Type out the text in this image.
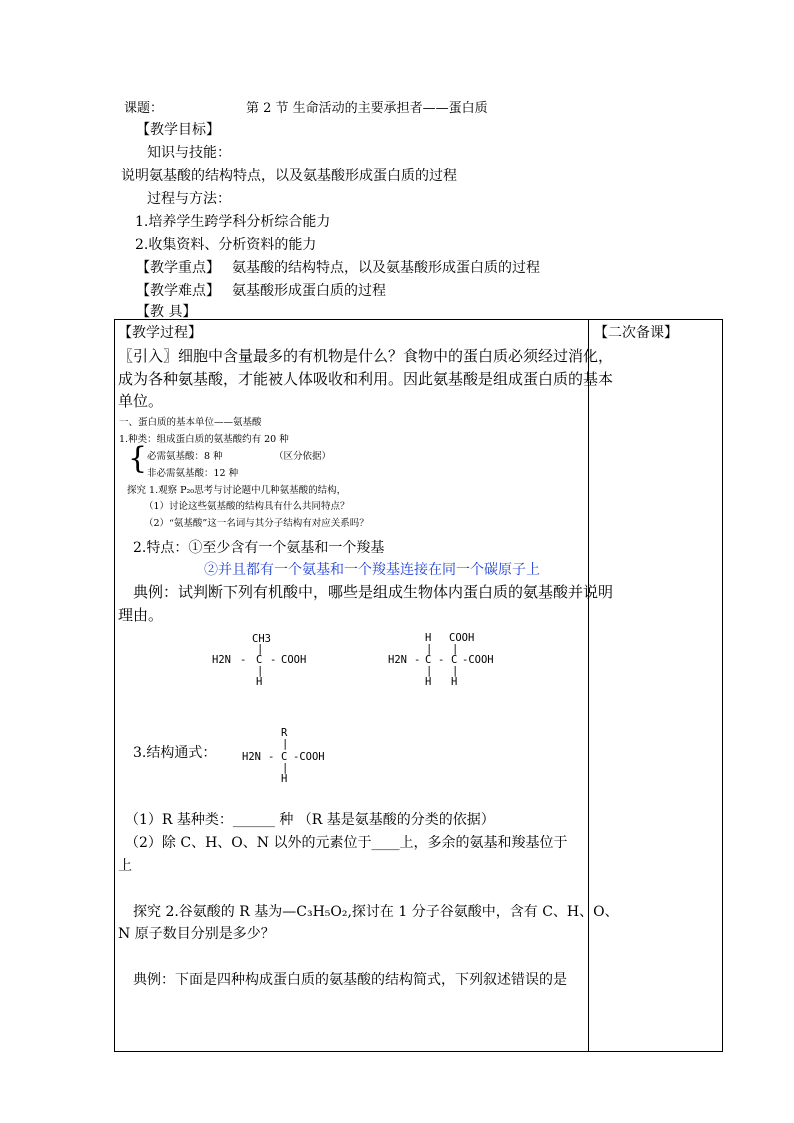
课题：	第 2 节 生命活动的主要承担者——蛋白质
【教学目标】
知识与技能：
说明氨基酸的结构特点，以及氨基酸形成蛋白质的过程
过程与方法：
1.培养学生跨学科分析综合能力
2.收集资料、分析资料的能力
【教学重点】 氨基酸的结构特点，以及氨基酸形成蛋白质的过程
【教学难点】 氨基酸形成蛋白质的过程
【教 具】
【教学过程】	【二次备课】
〖引入〗细胞中含量最多的有机物是什么？食物中的蛋白质必须经过消化，
成为各种氨基酸，才能被人体吸收和利用。因此氨基酸是组成蛋白质的基本
单位。
一、蛋白质的基本单位——氨基酸
1.种类：组成蛋白质的氨基酸约有 20 种
{ 必需氨基酸：8 种	（区分依据）
非必需氨基酸：12 种
探究 1.观察 P₂₀思考与讨论题中几种氨基酸的结构，
（1）讨论这些氨基酸的结构具有什么共同特点？
（2）“氨基酸”这一名词与其分子结构有对应关系吗？
2.特点：①至少含有一个氨基和一个羧基
②并且都有一个氨基和一个羧基连接在同一个碳原子上
典例：试判断下列有机酸中，哪些是组成生物体内蛋白质的氨基酸并说明
理由。
CH3
|
H2N - C - COOH
|
H
H COOH
| |
H2N - C - C -COOH
| |
H H
3.结构通式：
R
|
H2N - C -COOH
|
H
（1）R 基种类：______ 种 （R 基是氨基酸的分类的依据）
（2）除 C、H、O、N 以外的元素位于____上，多余的氨基和羧基位于
上
探究 2.谷氨酸的 R 基为—C₃H₅O₂,探讨在 1 分子谷氨酸中，含有 C、H、O、
N 原子数目分别是多少？
典例：下面是四种构成蛋白质的氨基酸的结构简式，下列叙述错误的是
